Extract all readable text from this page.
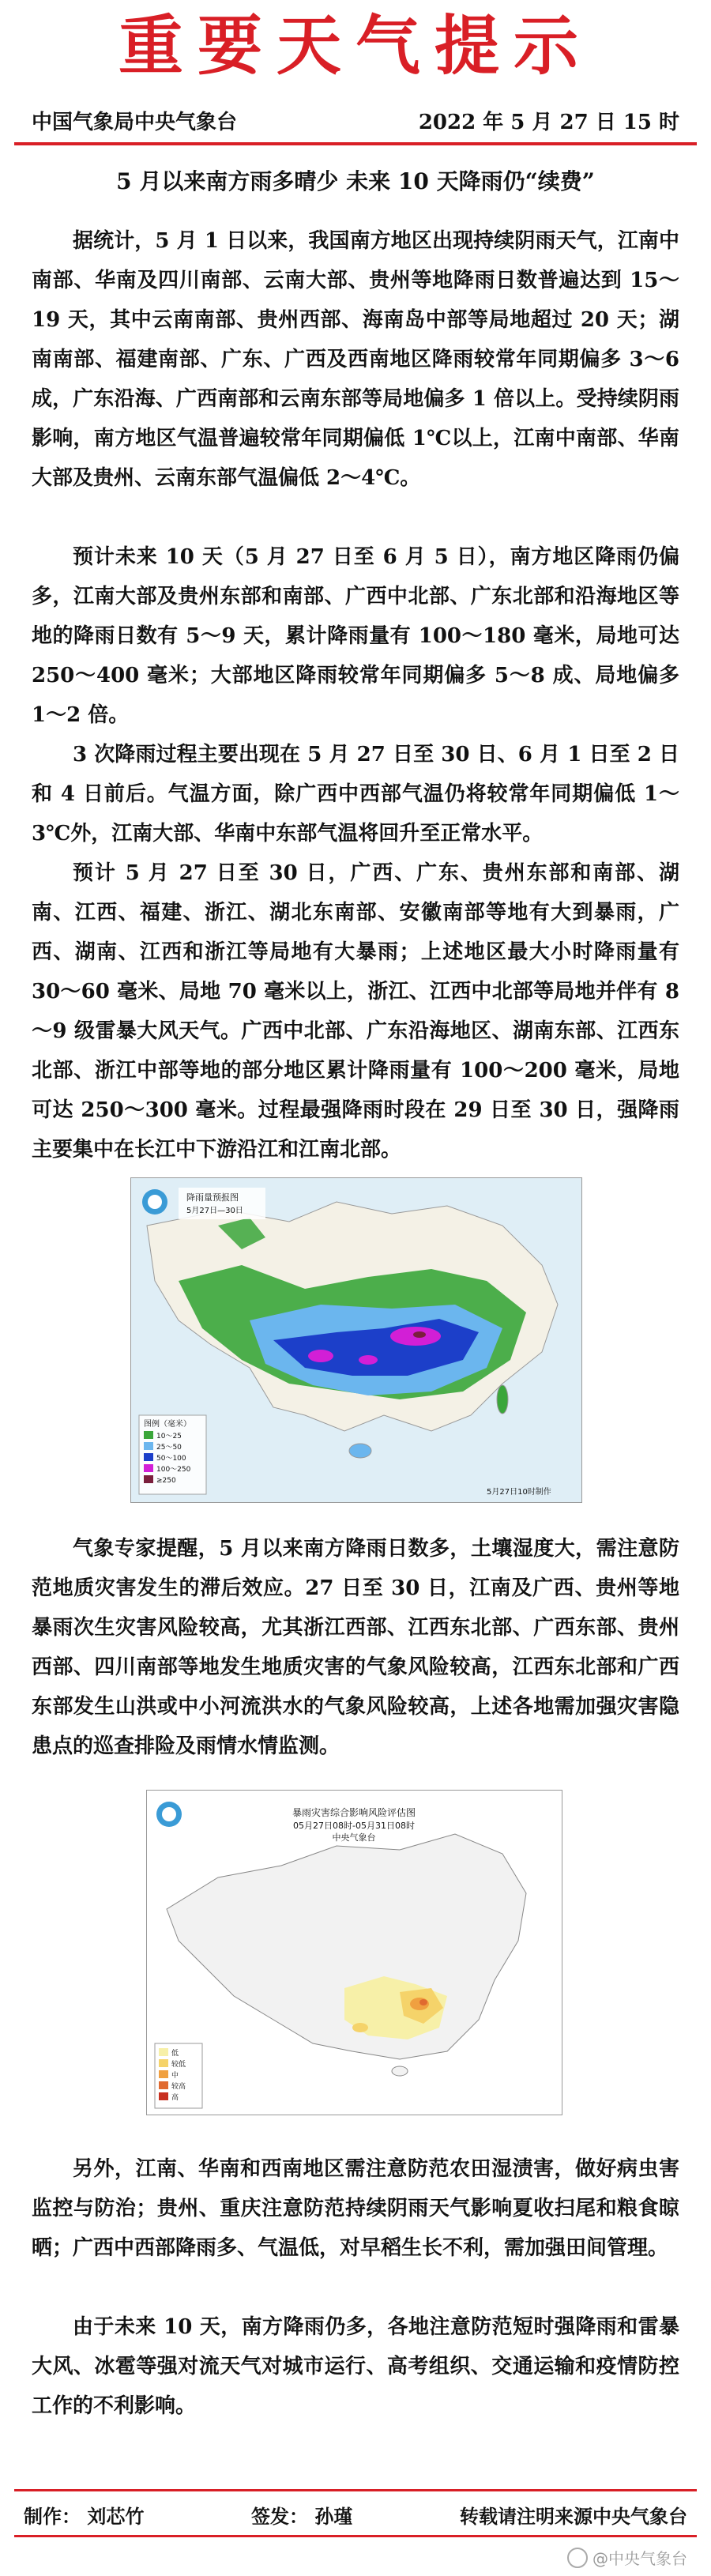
重要天气提示
中国气象局中央气象台	2022 年 5 月 27 日 15 时
5 月以来南方雨多晴少 未来 10 天降雨仍“续费”

据统计，5 月 1 日以来，我国南方地区出现持续阴雨天气，江南中南部、华南及四川南部、云南大部、贵州等地降雨日数普遍达到 15～19 天，其中云南南部、贵州西部、海南岛中部等局地超过 20 天；湖南南部、福建南部、广东、广西及西南地区降雨较常年同期偏多 3～6 成，广东沿海、广西南部和云南东部等局地偏多 1 倍以上。受持续阴雨影响，南方地区气温普遍较常年同期偏低 1℃以上，江南中南部、华南大部及贵州、云南东部气温偏低 2～4℃。

预计未来 10 天（5 月 27 日至 6 月 5 日），南方地区降雨仍偏多，江南大部及贵州东部和南部、广西中北部、广东北部和沿海地区等地的降雨日数有 5～9 天，累计降雨量有 100～180 毫米，局地可达 250～400 毫米；大部地区降雨较常年同期偏多 5～8 成、局地偏多 1～2 倍。

3 次降雨过程主要出现在 5 月 27 日至 30 日、6 月 1 日至 2 日和 4 日前后。气温方面，除广西中西部气温仍将较常年同期偏低 1～3℃外，江南大部、华南中东部气温将回升至正常水平。

预计 5 月 27 日至 30 日，广西、广东、贵州东部和南部、湖南、江西、福建、浙江、湖北东南部、安徽南部等地有大到暴雨，广西、湖南、江西和浙江等局地有大暴雨；上述地区最大小时降雨量有 30～60 毫米、局地 70 毫米以上，浙江、江西中北部等局地并伴有 8～9 级雷暴大风天气。广西中北部、广东沿海地区、湖南东部、江西东北部、浙江中部等地的部分地区累计降雨量有 100～200 毫米，局地可达 250～300 毫米。过程最强降雨时段在 29 日至 30 日，强降雨主要集中在长江中下游沿江和江南北部。

降雨量预报图
5月27日—30日
图例（毫米）
10～25
25～50
50～100
100～250
≥250
5月27日10时制作

气象专家提醒，5 月以来南方降雨日数多，土壤湿度大，需注意防范地质灾害发生的滞后效应。27 日至 30 日，江南及广西、贵州等地暴雨次生灾害风险较高，尤其浙江西部、江西东北部、广西东部、贵州西部、四川南部等地发生地质灾害的气象风险较高，江西东北部和广西东部发生山洪或中小河流洪水的气象风险较高，上述各地需加强灾害隐患点的巡查排险及雨情水情监测。

暴雨灾害综合影响风险评估图
05月27日08时-05月31日08时
中央气象台
低
较低
中
较高
高

另外，江南、华南和西南地区需注意防范农田湿渍害，做好病虫害监控与防治；贵州、重庆注意防范持续阴雨天气影响夏收扫尾和粮食晾晒；广西中西部降雨多、气温低，对早稻生长不利，需加强田间管理。

由于未来 10 天，南方降雨仍多，各地注意防范短时强降雨和雷暴大风、冰雹等强对流天气对城市运行、高考组织、交通运输和疫情防控工作的不利影响。

制作： 刘芯竹	签发： 孙瑾	转载请注明来源中央气象台
@中央气象台
